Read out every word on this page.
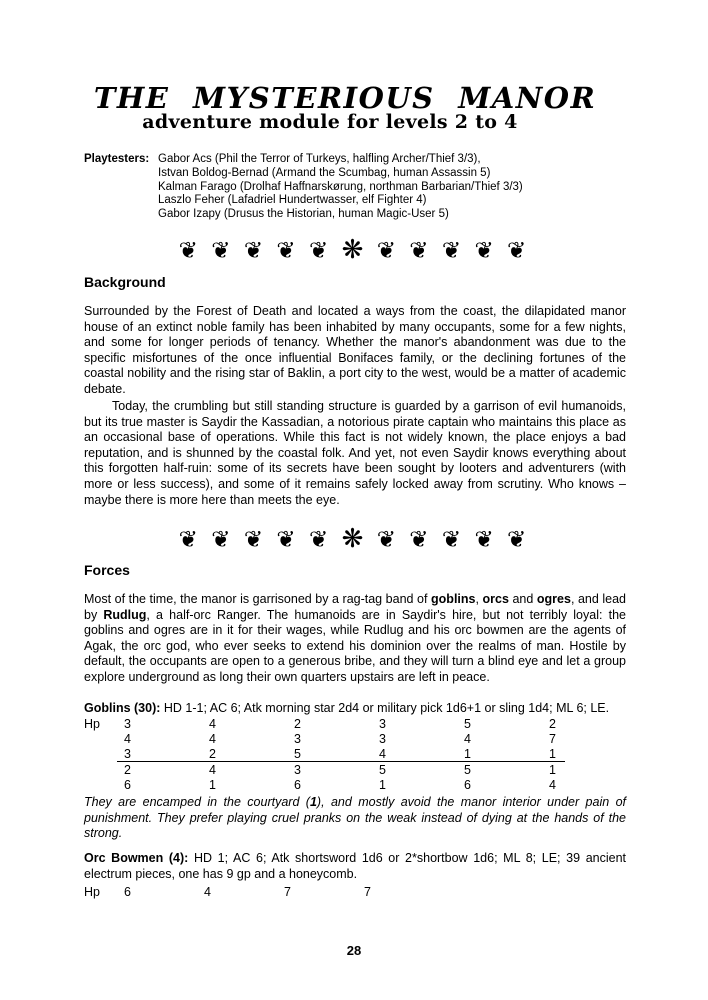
THE MYSTERIOUS MANOR
adventure module for levels 2 to 4
Playtesters: Gabor Acs (Phil the Terror of Turkeys, halfling Archer/Thief 3/3),
Istvan Boldog-Bernad (Armand the Scumbag, human Assassin 5)
Kalman Farago (Drolhaf Haffnarskørung, northman Barbarian/Thief 3/3)
Laszlo Feher (Lafadriel Hundertwasser, elf Fighter 4)
Gabor Izapy (Drusus the Historian, human Magic-User 5)
❦ ❦ ❦ ❦ ❦ ❋ ❦ ❦ ❦ ❦ ❦
Background
Surrounded by the Forest of Death and located a ways from the coast, the dilapidated manor house of an extinct noble family has been inhabited by many occupants, some for a few nights, and some for longer periods of tenancy. Whether the manor's abandonment was due to the specific misfortunes of the once influential Bonifaces family, or the declining fortunes of the coastal nobility and the rising star of Baklin, a port city to the west, would be a matter of academic debate.
Today, the crumbling but still standing structure is guarded by a garrison of evil humanoids, but its true master is Saydir the Kassadian, a notorious pirate captain who maintains this place as an occasional base of operations. While this fact is not widely known, the place enjoys a bad reputation, and is shunned by the coastal folk. And yet, not even Saydir knows everything about this forgotten half-ruin: some of its secrets have been sought by looters and adventurers (with more or less success), and some of it remains safely locked away from scrutiny. Who knows – maybe there is more here than meets the eye.
❦ ❦ ❦ ❦ ❦ ❋ ❦ ❦ ❦ ❦ ❦
Forces
Most of the time, the manor is garrisoned by a rag-tag band of goblins, orcs and ogres, and lead by Rudlug, a half-orc Ranger. The humanoids are in Saydir's hire, but not terribly loyal: the goblins and ogres are in it for their wages, while Rudlug and his orc bowmen are the agents of Agak, the orc god, who ever seeks to extend his dominion over the realms of man. Hostile by default, the occupants are open to a generous bribe, and they will turn a blind eye and let a group explore underground as long their own quarters upstairs are left in peace.
Goblins (30): HD 1-1; AC 6; Atk morning star 2d4 or military pick 1d6+1 or sling 1d4; ML 6; LE.
Hp	3	4	2	3	5	2
4	4	3	3	4	7
3	2	5	4	1	1
2	4	3	5	5	1
6	1	6	1	6	4
They are encamped in the courtyard (1), and mostly avoid the manor interior under pain of punishment. They prefer playing cruel pranks on the weak instead of dying at the hands of the strong.
Orc Bowmen (4): HD 1; AC 6; Atk shortsword 1d6 or 2*shortbow 1d6; ML 8; LE; 39 ancient electrum pieces, one has 9 gp and a honeycomb.
Hp	6	4	7	7
28
